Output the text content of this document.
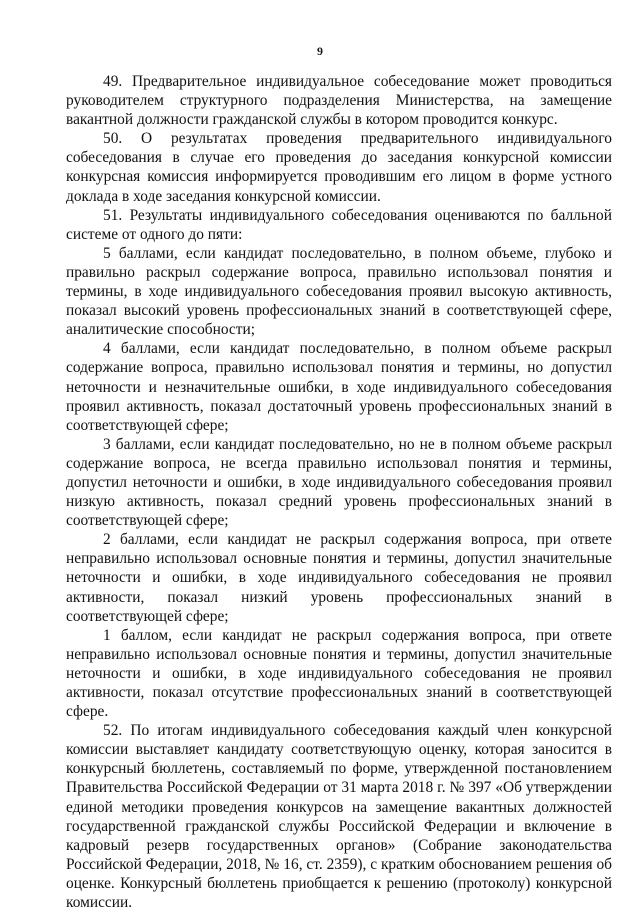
9

49. Предварительное индивидуальное собеседование может проводиться руководителем структурного подразделения Министерства, на замещение вакантной должности гражданской службы в котором проводится конкурс.

50. О результатах проведения предварительного индивидуального собеседования в случае его проведения до заседания конкурсной комиссии конкурсная комиссия информируется проводившим его лицом в форме устного доклада в ходе заседания конкурсной комиссии.

51. Результаты индивидуального собеседования оцениваются по балльной системе от одного до пяти:

5 баллами, если кандидат последовательно, в полном объеме, глубоко и правильно раскрыл содержание вопроса, правильно использовал понятия и термины, в ходе индивидуального собеседования проявил высокую активность, показал высокий уровень профессиональных знаний в соответствующей сфере, аналитические способности;

4 баллами, если кандидат последовательно, в полном объеме раскрыл содержание вопроса, правильно использовал понятия и термины, но допустил неточности и незначительные ошибки, в ходе индивидуального собеседования проявил активность, показал достаточный уровень профессиональных знаний в соответствующей сфере;

3 баллами, если кандидат последовательно, но не в полном объеме раскрыл содержание вопроса, не всегда правильно использовал понятия и термины, допустил неточности и ошибки, в ходе индивидуального собеседования проявил низкую активность, показал средний уровень профессиональных знаний в соответствующей сфере;

2 баллами, если кандидат не раскрыл содержания вопроса, при ответе неправильно использовал основные понятия и термины, допустил значительные неточности и ошибки, в ходе индивидуального собеседования не проявил активности, показал низкий уровень профессиональных знаний в соответствующей сфере;

1 баллом, если кандидат не раскрыл содержания вопроса, при ответе неправильно использовал основные понятия и термины, допустил значительные неточности и ошибки, в ходе индивидуального собеседования не проявил активности, показал отсутствие профессиональных знаний в соответствующей сфере.

52. По итогам индивидуального собеседования каждый член конкурсной комиссии выставляет кандидату соответствующую оценку, которая заносится в конкурсный бюллетень, составляемый по форме, утвержденной постановлением Правительства Российской Федерации от 31 марта 2018 г. № 397 «Об утверждении единой методики проведения конкурсов на замещение вакантных должностей государственной гражданской службы Российской Федерации и включение в кадровый резерв государственных органов» (Собрание законодательства Российской Федерации, 2018, № 16, ст. 2359), с кратким обоснованием решения об оценке. Конкурсный бюллетень приобщается к решению (протоколу) конкурсной комиссии.
